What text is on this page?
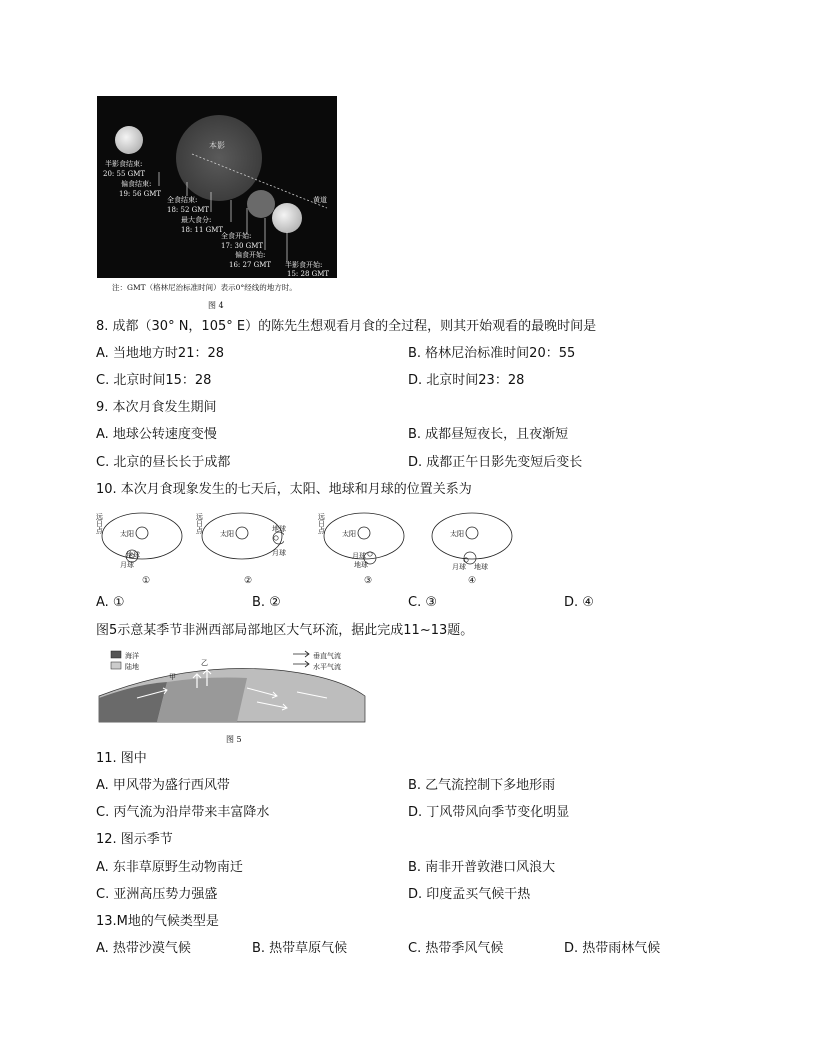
本影
黄道
半影食结束:
20: 55 GMT
偏食结束:
19: 56 GMT
全食结束:
18: 52 GMT
最大食分:
18: 11 GMT
全食开始:
17: 30 GMT
偏食开始:
16: 27 GMT 半影食开始:
15: 28 GMT
注：GMT（格林尼治标准时间）表示0°经线的地方时。
图 4
8. 成都（30° N，105° E）的陈先生想观看月食的全过程，则其开始观看的最晚时间是
A. 当地地方时21：28	B. 格林尼治标准时间20：55
C. 北京时间15：28	D. 北京时间23：28
9. 本次月食发生期间
A. 地球公转速度变慢	B. 成都昼短夜长，且夜渐短
C. 北京的昼长长于成都	D. 成都正午日影先变短后变长
10. 本次月食现象发生的七天后，太阳、地球和月球的位置关系为
远日点 太阳
地球
月球
①
远日点 太阳
地球
月球
②
远日点 太阳
月球
地球
③
太阳
月球 地球
④
A. ①	B. ②	C. ③	D. ④
图5示意某季节非洲西部局部地区大气环流，据此完成11~13题。
海洋
陆地
垂直气流
水平气流
甲
乙
图 5
11. 图中
A. 甲风带为盛行西风带	B. 乙气流控制下多地形雨
C. 丙气流为沿岸带来丰富降水	D. 丁风带风向季节变化明显
12. 图示季节
A. 东非草原野生动物南迁	B. 南非开普敦港口风浪大
C. 亚洲高压势力强盛	D. 印度孟买气候干热
13.M地的气候类型是
A. 热带沙漠气候	B. 热带草原气候	C. 热带季风气候	D. 热带雨林气候
